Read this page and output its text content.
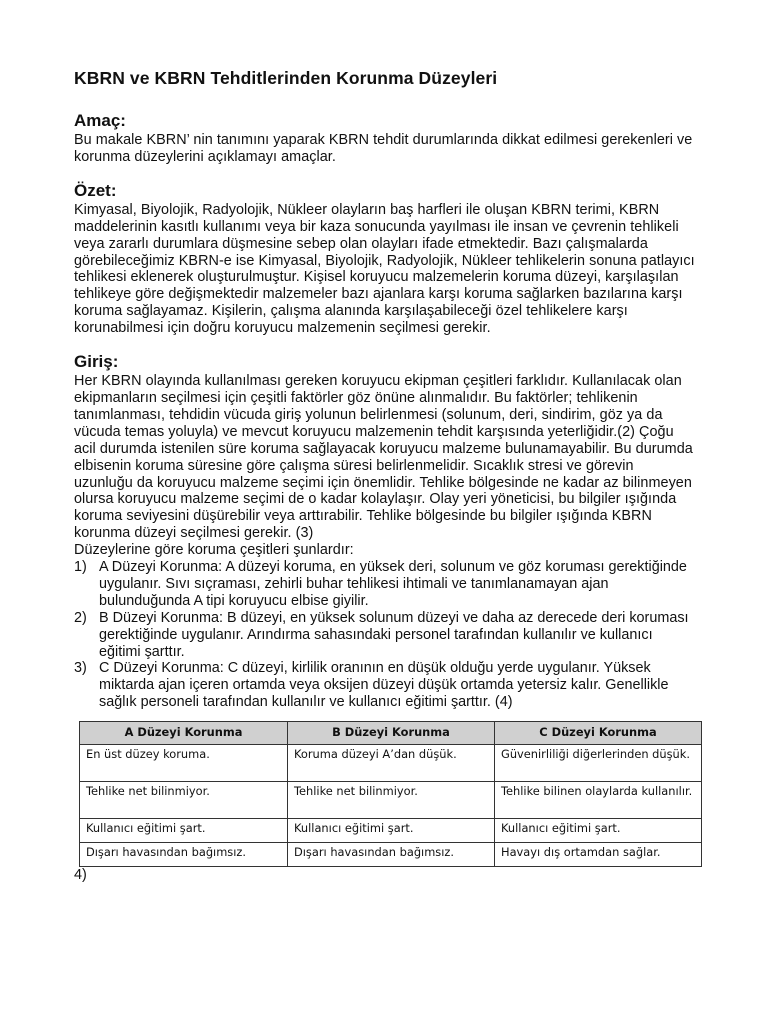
KBRN ve KBRN Tehditlerinden Korunma Düzeyleri
Amaç:

Bu makale KBRN’ nin tanımını yaparak KBRN tehdit durumlarında dikkat edilmesi gerekenleri ve korunma düzeylerini açıklamayı amaçlar.

Özet:

Kimyasal, Biyolojik, Radyolojik, Nükleer olayların baş harfleri ile oluşan KBRN terimi, KBRN maddelerinin kasıtlı kullanımı veya bir kaza sonucunda yayılması ile insan ve çevrenin tehlikeli veya zararlı durumlara düşmesine sebep olan olayları ifade etmektedir. Bazı çalışmalarda görebileceğimiz KBRN-e ise Kimyasal, Biyolojik, Radyolojik, Nükleer tehlikelerin sonuna patlayıcı tehlikesi eklenerek oluşturulmuştur. Kişisel koruyucu malzemelerin koruma düzeyi, karşılaşılan tehlikeye göre değişmektedir malzemeler bazı ajanlara karşı koruma sağlarken bazılarına karşı koruma sağlayamaz. Kişilerin, çalışma alanında karşılaşabileceği özel tehlikelere karşı korunabilmesi için doğru koruyucu malzemenin seçilmesi gerekir.

Giriş:

Her KBRN olayında kullanılması gereken koruyucu ekipman çeşitleri farklıdır. Kullanılacak olan ekipmanların seçilmesi için çeşitli faktörler göz önüne alınmalıdır. Bu faktörler; tehlikenin tanımlanması, tehdidin vücuda giriş yolunun belirlenmesi (solunum, deri, sindirim, göz ya da vücuda temas yoluyla) ve mevcut koruyucu malzemenin tehdit karşısında yeterliğidir.(2) Çoğu acil durumda istenilen süre koruma sağlayacak koruyucu malzeme bulunamayabilir. Bu durumda elbisenin koruma süresine göre çalışma süresi belirlenmelidir. Sıcaklık stresi ve görevin uzunluğu da koruyucu malzeme seçimi için önemlidir. Tehlike bölgesinde ne kadar az bilinmeyen olursa koruyucu malzeme seçimi de o kadar kolaylaşır. Olay yeri yöneticisi, bu bilgiler ışığında koruma seviyesini düşürebilir veya arttırabilir. Tehlike bölgesinde bu bilgiler ışığında KBRN korunma düzeyi seçilmesi gerekir. (3)

Düzeylerine göre koruma çeşitleri şunlardır:

1) A Düzeyi Korunma: A düzeyi koruma, en yüksek deri, solunum ve göz koruması gerektiğinde uygulanır. Sıvı sıçraması, zehirli buhar tehlikesi ihtimali ve tanımlanamayan ajan bulunduğunda A tipi koruyucu elbise giyilir.
2) B Düzeyi Korunma: B düzeyi, en yüksek solunum düzeyi ve daha az derecede deri koruması gerektiğinde uygulanır. Arındırma sahasındaki personel tarafından kullanılır ve kullanıcı eğitimi şarttır.
3) C Düzeyi Korunma: C düzeyi, kirlilik oranının en düşük olduğu yerde uygulanır. Yüksek miktarda ajan içeren ortamda veya oksijen düzeyi düşük ortamda yetersiz kalır. Genellikle sağlık personeli tarafından kullanılır ve kullanıcı eğitimi şarttır. (4)
A Düzeyi Korunma	B Düzeyi Korunma	C Düzeyi Korunma
En üst düzey koruma.	Koruma düzeyi A’dan düşük.	Güvenirliliği diğerlerinden düşük.
Tehlike net bilinmiyor.	Tehlike net bilinmiyor.	Tehlike bilinen olaylarda kullanılır.
Kullanıcı eğitimi şart.	Kullanıcı eğitimi şart.	Kullanıcı eğitimi şart.
Dışarı havasından bağımsız.	Dışarı havasından bağımsız.	Havayı dış ortamdan sağlar.
4)
